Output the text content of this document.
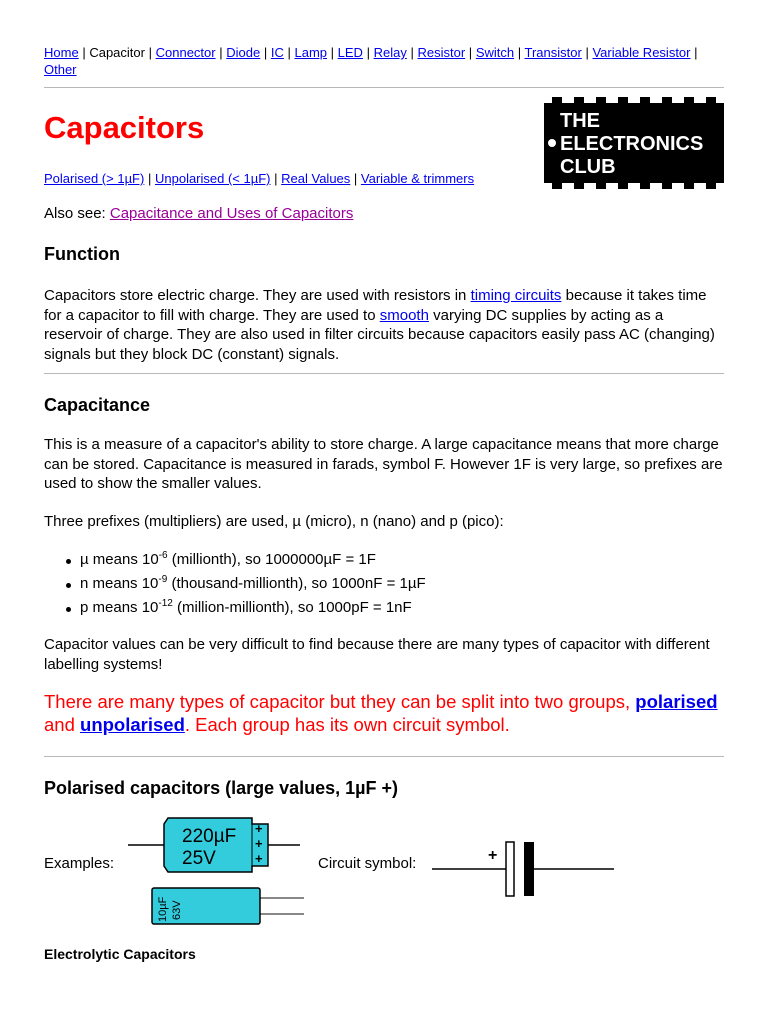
Home | Capacitor | Connector | Diode | IC | Lamp | LED | Relay | Resistor | Switch | Transistor | Variable Resistor | Other
Capacitors	THE
ELECTRONICS
CLUB
Polarised (> 1µF) | Unpolarised (< 1µF) | Real Values | Variable & trimmers
Also see: Capacitance and Uses of Capacitors
Function

Capacitors store electric charge. They are used with resistors in timing circuits because it takes time for a capacitor to fill with charge. They are used to smooth varying DC supplies by acting as a reservoir of charge. They are also used in filter circuits because capacitors easily pass AC (changing) signals but they block DC (constant) signals.

Capacitance

This is a measure of a capacitor's ability to store charge. A large capacitance means that more charge can be stored. Capacitance is measured in farads, symbol F. However 1F is very large, so prefixes are used to show the smaller values.

Three prefixes (multipliers) are used, µ (micro), n (nano) and p (pico):

µ means $10^{-6}$ (millionth), so 1000000µF = 1F
n means $10^{-9}$ (thousand-millionth), so 1000nF = 1µF
p means $10^{-12}$ (million-millionth), so 1000pF = 1nF

Capacitor values can be very difficult to find because there are many types of capacitor with different labelling systems!

There are many types of capacitor but they can be split into two groups, polarised and unpolarised. Each group has its own circuit symbol.
Polarised capacitors (large values, 1µF +)
Examples:
220µF
25V
+
+
+
10µF 63V
Circuit symbol:	+
Electrolytic Capacitors
